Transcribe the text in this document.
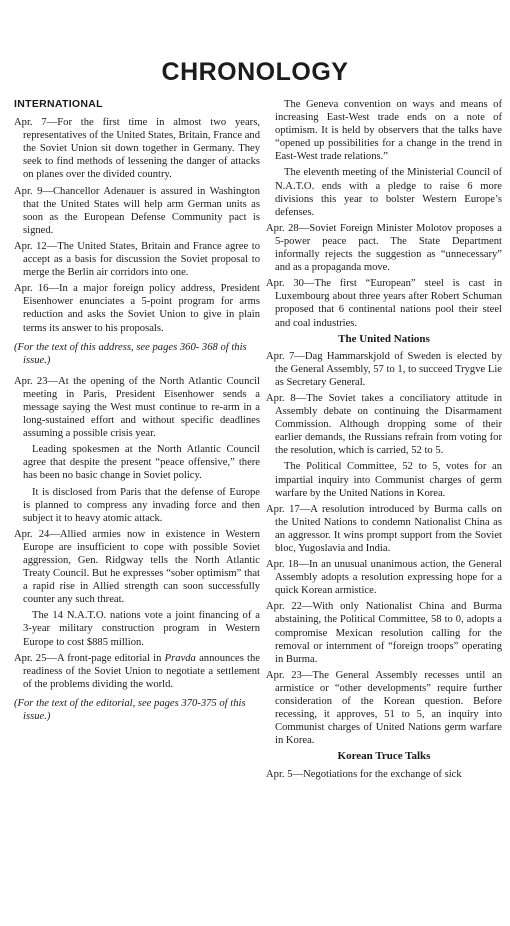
CHRONOLOGY
INTERNATIONAL

Apr. 7—For the first time in almost two years, representatives of the United States, Britain, France and the Soviet Union sit down together in Germany. They seek to find methods of lessening the danger of attacks on planes over the divided country.

Apr. 9—Chancellor Adenauer is assured in Washington that the United States will help arm German units as soon as the European Defense Community pact is signed.

Apr. 12—The United States, Britain and France agree to accept as a basis for discussion the Soviet proposal to merge the Berlin air corridors into one.

Apr. 16—In a major foreign policy address, President Eisenhower enunciates a 5-point program for arms reduction and asks the Soviet Union to give in plain terms its answer to his proposals.

(For the text of this address, see pages 360- 368 of this issue.)

Apr. 23—At the opening of the North Atlantic Council meeting in Paris, President Eisenhower sends a message saying the West must continue to re-arm in a long-sustained effort and without specific deadlines assuming a possible crisis year.

Leading spokesmen at the North Atlantic Council agree that despite the present “peace offensive,” there has been no basic change in Soviet policy.

It is disclosed from Paris that the defense of Europe is planned to compress any invading force and then subject it to heavy atomic attack.

Apr. 24—Allied armies now in existence in Western Europe are insufficient to cope with possible Soviet aggression, Gen. Ridgway tells the North Atlantic Treaty Council. But he expresses “sober optimism” that a rapid rise in Allied strength can soon successfully counter any such threat.

The 14 N.A.T.O. nations vote a joint financing of a 3-year military construction program in Western Europe to cost $885 million.

Apr. 25—A front-page editorial in Pravda announces the readiness of the Soviet Union to negotiate a settlement of the problems dividing the world.

(For the text of the editorial, see pages 370-375 of this issue.)

The Geneva convention on ways and means of increasing East-West trade ends on a note of optimism. It is held by observers that the talks have “opened up possibilities for a change in the trend in East-West trade relations.”

The eleventh meeting of the Ministerial Council of N.A.T.O. ends with a pledge to raise 6 more divisions this year to bolster Western Europe’s defenses.

Apr. 28—Soviet Foreign Minister Molotov proposes a 5-power peace pact. The State Department informally rejects the suggestion as “unnecessary” and as a propaganda move.

Apr. 30—The first “European” steel is cast in Luxembourg about three years after Robert Schuman proposed that 6 continental nations pool their steel and coal industries.

The United Nations

Apr. 7—Dag Hammarskjold of Sweden is elected by the General Assembly, 57 to 1, to succeed Trygve Lie as Secretary General.

Apr. 8—The Soviet takes a conciliatory attitude in Assembly debate on continuing the Disarmament Commission. Although dropping some of their earlier demands, the Russians refrain from voting for the resolution, which is carried, 52 to 5.

The Political Committee, 52 to 5, votes for an impartial inquiry into Communist charges of germ warfare by the United Nations in Korea.

Apr. 17—A resolution introduced by Burma calls on the United Nations to condemn Nationalist China as an aggressor. It wins prompt support from the Soviet bloc, Yugoslavia and India.

Apr. 18—In an unusual unanimous action, the General Assembly adopts a resolution expressing hope for a quick Korean armistice.

Apr. 22—With only Nationalist China and Burma abstaining, the Political Committee, 58 to 0, adopts a compromise Mexican resolution calling for the removal or internment of “foreign troops” operating in Burma.

Apr. 23—The General Assembly recesses until an armistice or “other developments” require further consideration of the Korean question. Before recessing, it approves, 51 to 5, an inquiry into Communist charges of United Nations germ warfare in Korea.

Korean Truce Talks

Apr. 5—Negotiations for the exchange of sick
